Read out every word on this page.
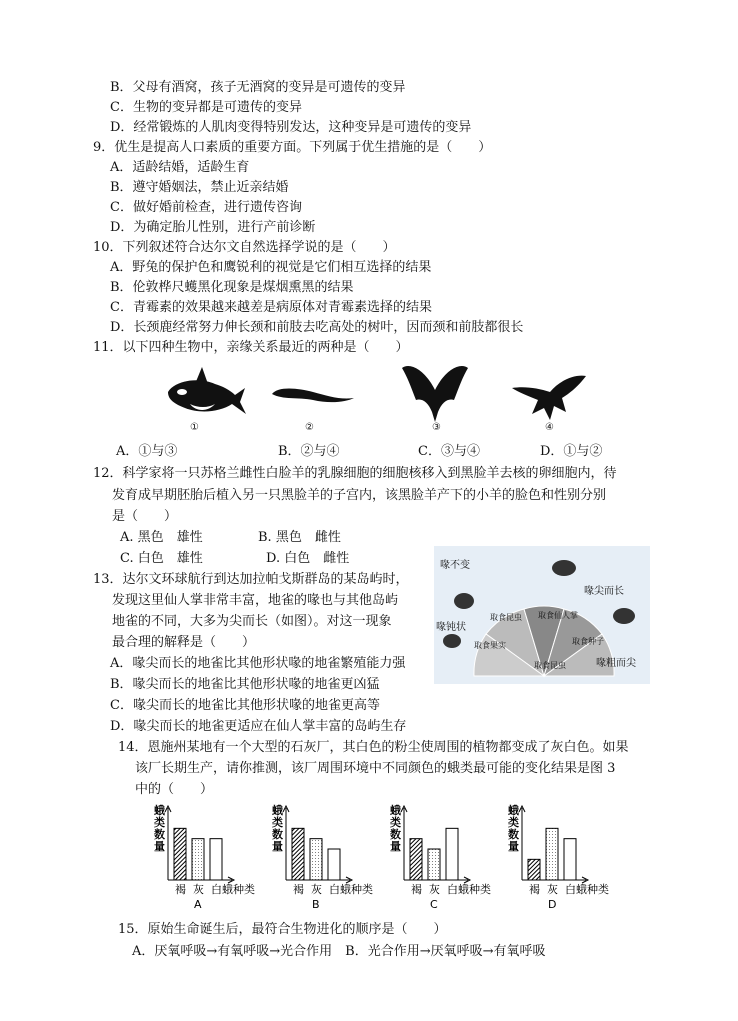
B．父母有酒窝，孩子无酒窝的变异是可遗传的变异
C．生物的变异都是可遗传的变异
D．经常锻炼的人肌肉变得特别发达，这种变异是可遗传的变异
9．优生是提高人口素质的重要方面。下列属于优生措施的是（　　）
A．适龄结婚，适龄生育
B．遵守婚姻法，禁止近亲结婚
C．做好婚前检查，进行遗传咨询
D．为确定胎儿性别，进行产前诊断
10．下列叙述符合达尔文自然选择学说的是（　　）
A．野兔的保护色和鹰锐利的视觉是它们相互选择的结果
B．伦敦桦尺蠖黑化现象是煤烟熏黑的结果
C．青霉素的效果越来越差是病原体对青霉素选择的结果
D．长颈鹿经常努力伸长颈和前肢去吃高处的树叶，因而颈和前肢都很长
11．以下四种生物中，亲缘关系最近的两种是（　　）
①	②	③	④
A．①与③	B．②与④	C．③与④	D．①与②
12．科学家将一只苏格兰雌性白脸羊的乳腺细胞的细胞核移入到黑脸羊去核的卵细胞内，待
发育成早期胚胎后植入另一只黑脸羊的子宫内，该黑脸羊产下的小羊的脸色和性别分别
是（　　）
A. 黑色　雄性	B. 黑色　雌性
C. 白色　雄性	D. 白色　雌性
13．达尔文环球航行到达加拉帕戈斯群岛的某岛屿时，
发现这里仙人掌非常丰富，地雀的喙也与其他岛屿
地雀的不同，大多为尖而长（如图）。对这一现象
最合理的解释是（　　）
A．喙尖而长的地雀比其他形状喙的地雀繁殖能力强
B．喙尖而长的地雀比其他形状喙的地雀更凶猛
C．喙尖而长的地雀比其他形状喙的地雀更高等
D．喙尖而长的地雀更适应在仙人掌丰富的岛屿生存
喙不变
喙尖而长
喙钝状
喙粗而尖
取食昆虫 取食仙人掌
取食果实	取食种子
取食昆虫
14．恩施州某地有一个大型的石灰厂，其白色的粉尘使周围的植物都变成了灰白色。如果
该厂长期生产，请你推测，该厂周围环境中不同颜色的蛾类最可能的变化结果是图 3
中的（　　）
蛾
类
数
量
褐 灰 白 蛾种类
A
蛾
类
数
量
褐 灰 白 蛾种类
B
蛾
类
数
量
褐 灰 白 蛾种类
C
蛾
类
数
量
褐 灰 白 蛾种类
D
15．原始生命诞生后，最符合生物进化的顺序是（　　）
A．厌氧呼吸→有氧呼吸→光合作用　B．光合作用→厌氧呼吸→有氧呼吸
